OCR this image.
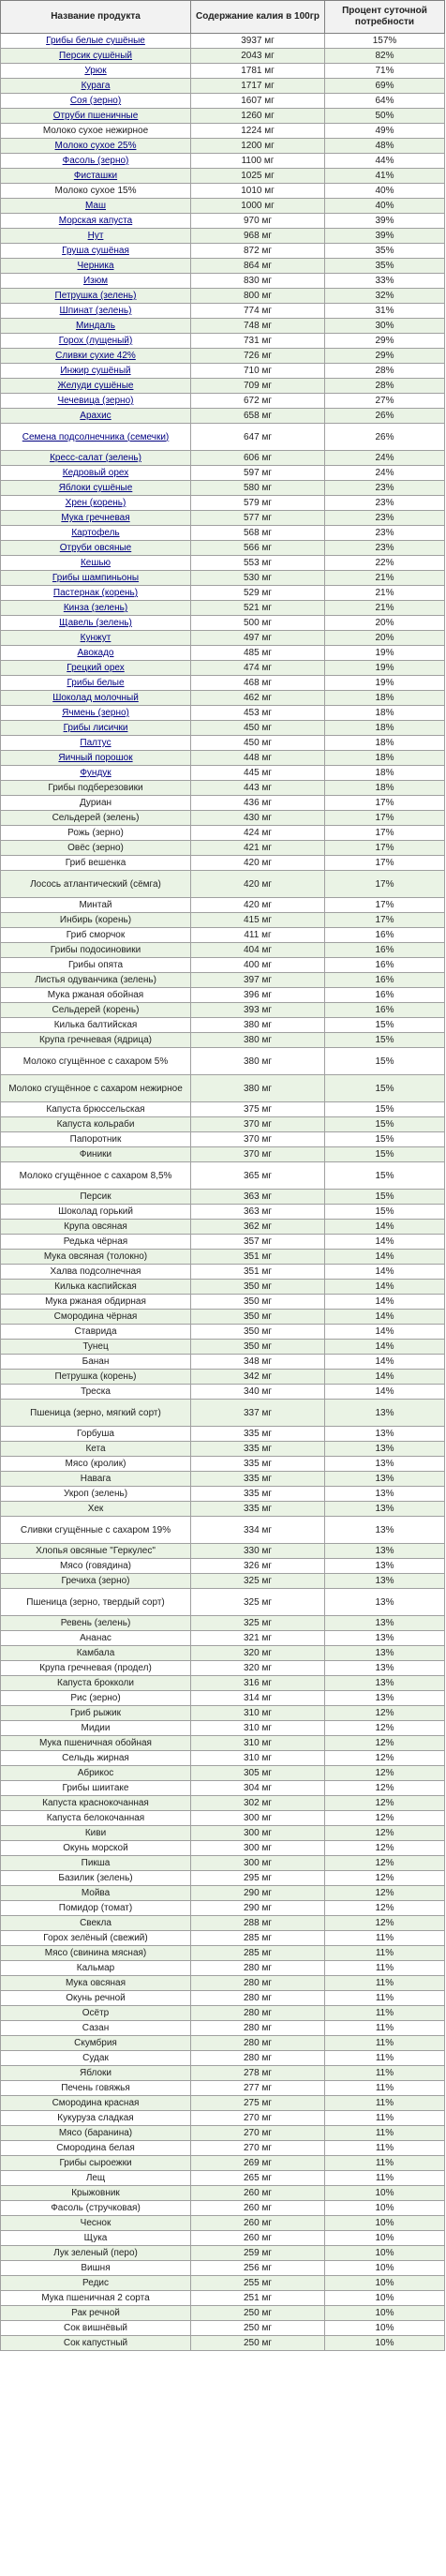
Название продукта	Содержание калия в 100гр	Процент суточной потребности
Грибы белые сушёные	3937 мг	157%
Персик сушёный	2043 мг	82%
Урюк	1781 мг	71%
Курага	1717 мг	69%
Соя (зерно)	1607 мг	64%
Отруби пшеничные	1260 мг	50%
Молоко сухое нежирное	1224 мг	49%
Молоко сухое 25%	1200 мг	48%
Фасоль (зерно)	1100 мг	44%
Фисташки	1025 мг	41%
Молоко сухое 15%	1010 мг	40%
Маш	1000 мг	40%
Морская капуста	970 мг	39%
Нут	968 мг	39%
Груша сушёная	872 мг	35%
Черника	864 мг	35%
Изюм	830 мг	33%
Петрушка (зелень)	800 мг	32%
Шпинат (зелень)	774 мг	31%
Миндаль	748 мг	30%
Горох (лущеный)	731 мг	29%
Сливки сухие 42%	726 мг	29%
Инжир сушёный	710 мг	28%
Желуди сушёные	709 мг	28%
Чечевица (зерно)	672 мг	27%
Арахис	658 мг	26%
Семена подсолнечника (семечки)	647 мг	26%
Кресс-салат (зелень)	606 мг	24%
Кедровый орех	597 мг	24%
Яблоки сушёные	580 мг	23%
Хрен (корень)	579 мг	23%
Мука гречневая	577 мг	23%
Картофель	568 мг	23%
Отруби овсяные	566 мг	23%
Кешью	553 мг	22%
Грибы шампиньоны	530 мг	21%
Пастернак (корень)	529 мг	21%
Кинза (зелень)	521 мг	21%
Щавель (зелень)	500 мг	20%
Кунжут	497 мг	20%
Авокадо	485 мг	19%
Грецкий орех	474 мг	19%
Грибы белые	468 мг	19%
Шоколад молочный	462 мг	18%
Ячмень (зерно)	453 мг	18%
Грибы лисички	450 мг	18%
Палтус	450 мг	18%
Яичный порошок	448 мг	18%
Фундук	445 мг	18%
Грибы подберезовики	443 мг	18%
Дуриан	436 мг	17%
Сельдерей (зелень)	430 мг	17%
Рожь (зерно)	424 мг	17%
Овёс (зерно)	421 мг	17%
Гриб вешенка	420 мг	17%
Лосось атлантический (сёмга)	420 мг	17%
Минтай	420 мг	17%
Инбирь (корень)	415 мг	17%
Гриб сморчок	411 мг	16%
Грибы подосиновики	404 мг	16%
Грибы опята	400 мг	16%
Листья одуванчика (зелень)	397 мг	16%
Мука ржаная обойная	396 мг	16%
Сельдерей (корень)	393 мг	16%
Килька балтийская	380 мг	15%
Крупа гречневая (ядрица)	380 мг	15%
Молоко сгущённое с сахаром 5%	380 мг	15%
Молоко сгущённое с сахаром нежирное	380 мг	15%
Капуста брюссельская	375 мг	15%
Капуста кольраби	370 мг	15%
Папоротник	370 мг	15%
Финики	370 мг	15%
Молоко сгущённое с сахаром 8,5%	365 мг	15%
Персик	363 мг	15%
Шоколад горький	363 мг	15%
Крупа овсяная	362 мг	14%
Редька чёрная	357 мг	14%
Мука овсяная (толокно)	351 мг	14%
Халва подсолнечная	351 мг	14%
Килька каспийская	350 мг	14%
Мука ржаная обдирная	350 мг	14%
Смородина чёрная	350 мг	14%
Ставрида	350 мг	14%
Тунец	350 мг	14%
Банан	348 мг	14%
Петрушка (корень)	342 мг	14%
Треска	340 мг	14%
Пшеница (зерно, мягкий сорт)	337 мг	13%
Горбуша	335 мг	13%
Кета	335 мг	13%
Мясо (кролик)	335 мг	13%
Навага	335 мг	13%
Укроп (зелень)	335 мг	13%
Хек	335 мг	13%
Сливки сгущённые с сахаром 19%	334 мг	13%
Хлопья овсяные "Геркулес"	330 мг	13%
Мясо (говядина)	326 мг	13%
Гречиха (зерно)	325 мг	13%
Пшеница (зерно, твердый сорт)	325 мг	13%
Ревень (зелень)	325 мг	13%
Ананас	321 мг	13%
Камбала	320 мг	13%
Крупа гречневая (продел)	320 мг	13%
Капуста брокколи	316 мг	13%
Рис (зерно)	314 мг	13%
Гриб рыжик	310 мг	12%
Мидии	310 мг	12%
Мука пшеничная обойная	310 мг	12%
Сельдь жирная	310 мг	12%
Абрикос	305 мг	12%
Грибы шиитаке	304 мг	12%
Капуста краснокочанная	302 мг	12%
Капуста белокочанная	300 мг	12%
Киви	300 мг	12%
Окунь морской	300 мг	12%
Пикша	300 мг	12%
Базилик (зелень)	295 мг	12%
Мойва	290 мг	12%
Помидор (томат)	290 мг	12%
Свекла	288 мг	12%
Горох зелёный (свежий)	285 мг	11%
Мясо (свинина мясная)	285 мг	11%
Кальмар	280 мг	11%
Мука овсяная	280 мг	11%
Окунь речной	280 мг	11%
Осётр	280 мг	11%
Сазан	280 мг	11%
Скумбрия	280 мг	11%
Судак	280 мг	11%
Яблоки	278 мг	11%
Печень говяжья	277 мг	11%
Смородина красная	275 мг	11%
Кукуруза сладкая	270 мг	11%
Мясо (баранина)	270 мг	11%
Смородина белая	270 мг	11%
Грибы сыроежки	269 мг	11%
Лещ	265 мг	11%
Крыжовник	260 мг	10%
Фасоль (стручковая)	260 мг	10%
Чеснок	260 мг	10%
Щука	260 мг	10%
Лук зеленый (перо)	259 мг	10%
Вишня	256 мг	10%
Редис	255 мг	10%
Мука пшеничная 2 сорта	251 мг	10%
Рак речной	250 мг	10%
Сок вишнёвый	250 мг	10%
Сок капустный	250 мг	10%
